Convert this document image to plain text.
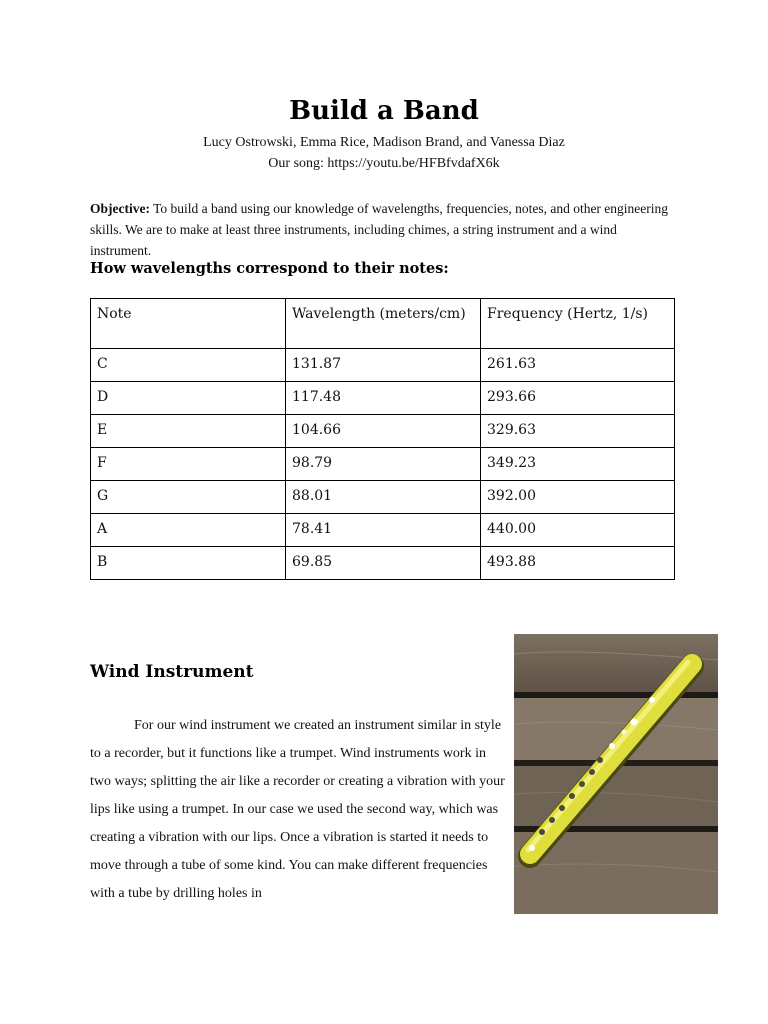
Build a Band
Lucy Ostrowski, Emma Rice, Madison Brand, and Vanessa Diaz
Our song: https://youtu.be/HFBfvdafX6k
Objective: To build a band using our knowledge of wavelengths, frequencies, notes, and other engineering skills. We are to make at least three instruments, including chimes, a string instrument and a wind instrument.
How wavelengths correspond to their notes:
Note	Wavelength (meters/cm)	Frequency (Hertz, 1/s)
C	131.87	261.63
D	117.48	293.66
E	104.66	329.63
F	98.79	349.23
G	88.01	392.00
A	78.41	440.00
B	69.85	493.88
Wind Instrument
For our wind instrument we created an instrument similar in style to a recorder, but it functions like a trumpet. Wind instruments work in two ways; splitting the air like a recorder or creating a vibration with your lips like using a trumpet. In our case we used the second way, which was creating a vibration with our lips. Once a vibration is started it needs to move through a tube of some kind. You can make different frequencies with a tube by drilling holes in
